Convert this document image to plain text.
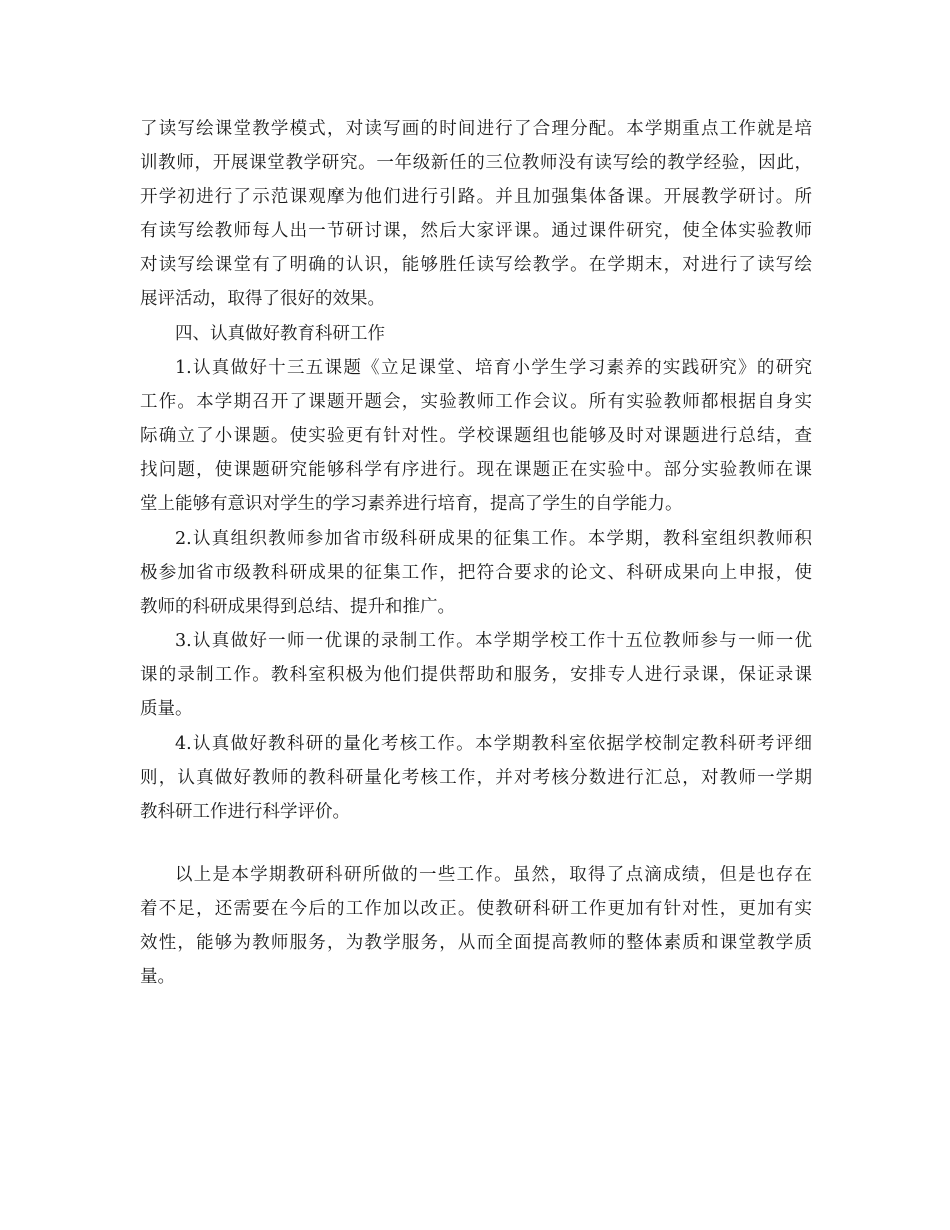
了读写绘课堂教学模式，对读写画的时间进行了合理分配。本学期重点工作就是培
训教师，开展课堂教学研究。一年级新任的三位教师没有读写绘的教学经验，因此，
开学初进行了示范课观摩为他们进行引路。并且加强集体备课。开展教学研讨。所
有读写绘教师每人出一节研讨课，然后大家评课。通过课件研究，使全体实验教师
对读写绘课堂有了明确的认识，能够胜任读写绘教学。在学期末，对进行了读写绘
展评活动，取得了很好的效果。
四、认真做好教育科研工作
1.认真做好十三五课题《立足课堂、培育小学生学习素养的实践研究》的研究
工作。本学期召开了课题开题会，实验教师工作会议。所有实验教师都根据自身实
际确立了小课题。使实验更有针对性。学校课题组也能够及时对课题进行总结，查
找问题，使课题研究能够科学有序进行。现在课题正在实验中。部分实验教师在课
堂上能够有意识对学生的学习素养进行培育，提高了学生的自学能力。
2.认真组织教师参加省市级科研成果的征集工作。本学期，教科室组织教师积
极参加省市级教科研成果的征集工作，把符合要求的论文、科研成果向上申报，使
教师的科研成果得到总结、提升和推广。
3.认真做好一师一优课的录制工作。本学期学校工作十五位教师参与一师一优
课的录制工作。教科室积极为他们提供帮助和服务，安排专人进行录课，保证录课
质量。
4.认真做好教科研的量化考核工作。本学期教科室依据学校制定教科研考评细
则，认真做好教师的教科研量化考核工作，并对考核分数进行汇总，对教师一学期
教科研工作进行科学评价。
以上是本学期教研科研所做的一些工作。虽然，取得了点滴成绩，但是也存在
着不足，还需要在今后的工作加以改正。使教研科研工作更加有针对性，更加有实
效性，能够为教师服务，为教学服务，从而全面提高教师的整体素质和课堂教学质
量。
